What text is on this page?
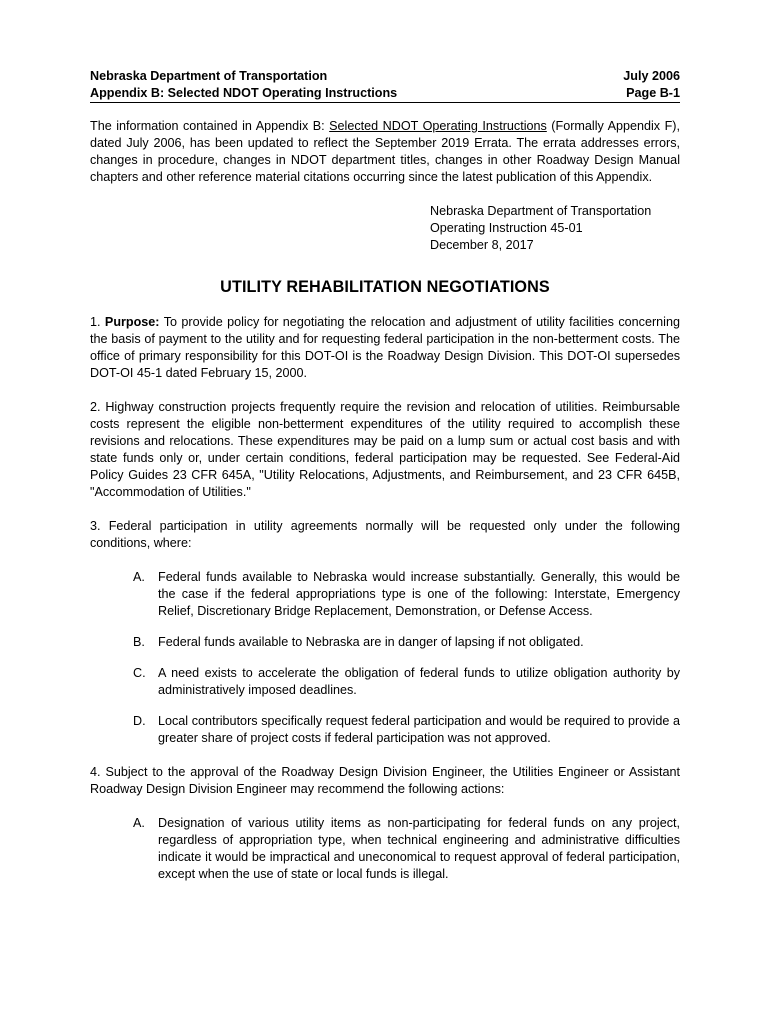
Nebraska Department of Transportation	July 2006
Appendix B: Selected NDOT Operating Instructions	Page B-1

The information contained in Appendix B: Selected NDOT Operating Instructions (Formally Appendix F), dated July 2006, has been updated to reflect the September 2019 Errata. The errata addresses errors, changes in procedure, changes in NDOT department titles, changes in other Roadway Design Manual chapters and other reference material citations occurring since the latest publication of this Appendix.

Nebraska Department of Transportation
Operating Instruction 45-01
December 8, 2017
UTILITY REHABILITATION NEGOTIATIONS

1. Purpose: To provide policy for negotiating the relocation and adjustment of utility facilities concerning the basis of payment to the utility and for requesting federal participation in the non-betterment costs. The office of primary responsibility for this DOT-OI is the Roadway Design Division. This DOT-OI supersedes DOT-OI 45-1 dated February 15, 2000.

2. Highway construction projects frequently require the revision and relocation of utilities. Reimbursable costs represent the eligible non-betterment expenditures of the utility required to accomplish these revisions and relocations. These expenditures may be paid on a lump sum or actual cost basis and with state funds only or, under certain conditions, federal participation may be requested. See Federal-Aid Policy Guides 23 CFR 645A, "Utility Relocations, Adjustments, and Reimbursement, and 23 CFR 645B, "Accommodation of Utilities."

3. Federal participation in utility agreements normally will be requested only under the following conditions, where:

A.	Federal funds available to Nebraska would increase substantially. Generally, this would be the case if the federal appropriations type is one of the following: Interstate, Emergency Relief, Discretionary Bridge Replacement, Demonstration, or Defense Access.
B.	Federal funds available to Nebraska are in danger of lapsing if not obligated.
C. A need exists to accelerate the obligation of federal funds to utilize obligation authority by administratively imposed deadlines.
D. Local contributors specifically request federal participation and would be required to provide a greater share of project costs if federal participation was not approved.

4. Subject to the approval of the Roadway Design Division Engineer, the Utilities Engineer or Assistant Roadway Design Division Engineer may recommend the following actions:

A.	Designation of various utility items as non-participating for federal funds on any project, regardless of appropriation type, when technical engineering and administrative difficulties indicate it would be impractical and uneconomical to request approval of federal participation, except when the use of state or local funds is illegal.
